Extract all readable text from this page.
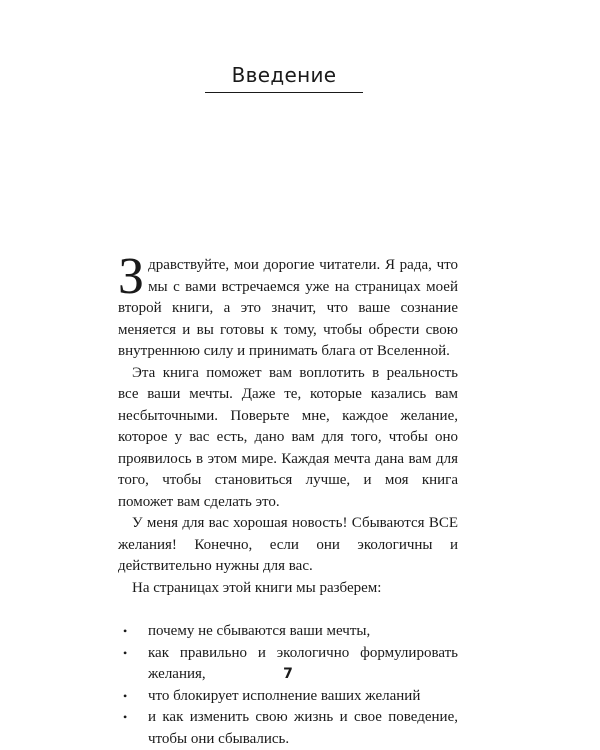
Введение

Здравствуйте, мои дорогие читатели. Я рада, что мы с вами встречаемся уже на страницах моей второй книги, а это значит, что ваше сознание меняется и вы готовы к тому, чтобы обрести свою внутреннюю силу и принимать блага от Вселенной.

Эта книга поможет вам воплотить в реальность все ваши мечты. Даже те, которые казались вам несбыточными. Поверьте мне, каждое желание, которое у вас есть, дано вам для того, чтобы оно проявилось в этом мире. Каждая мечта дана вам для того, чтобы становиться лучше, и моя книга поможет вам сделать это.

У меня для вас хорошая новость! Сбываются ВСЕ желания! Конечно, если они экологичны и действительно нужны для вас.

На страницах этой книги мы разберем:

• почему не сбываются ваши мечты,
• как правильно и экологично формулировать желания,
• что блокирует исполнение ваших желаний
• и как изменить свою жизнь и свое поведение, чтобы они сбывались.
7
